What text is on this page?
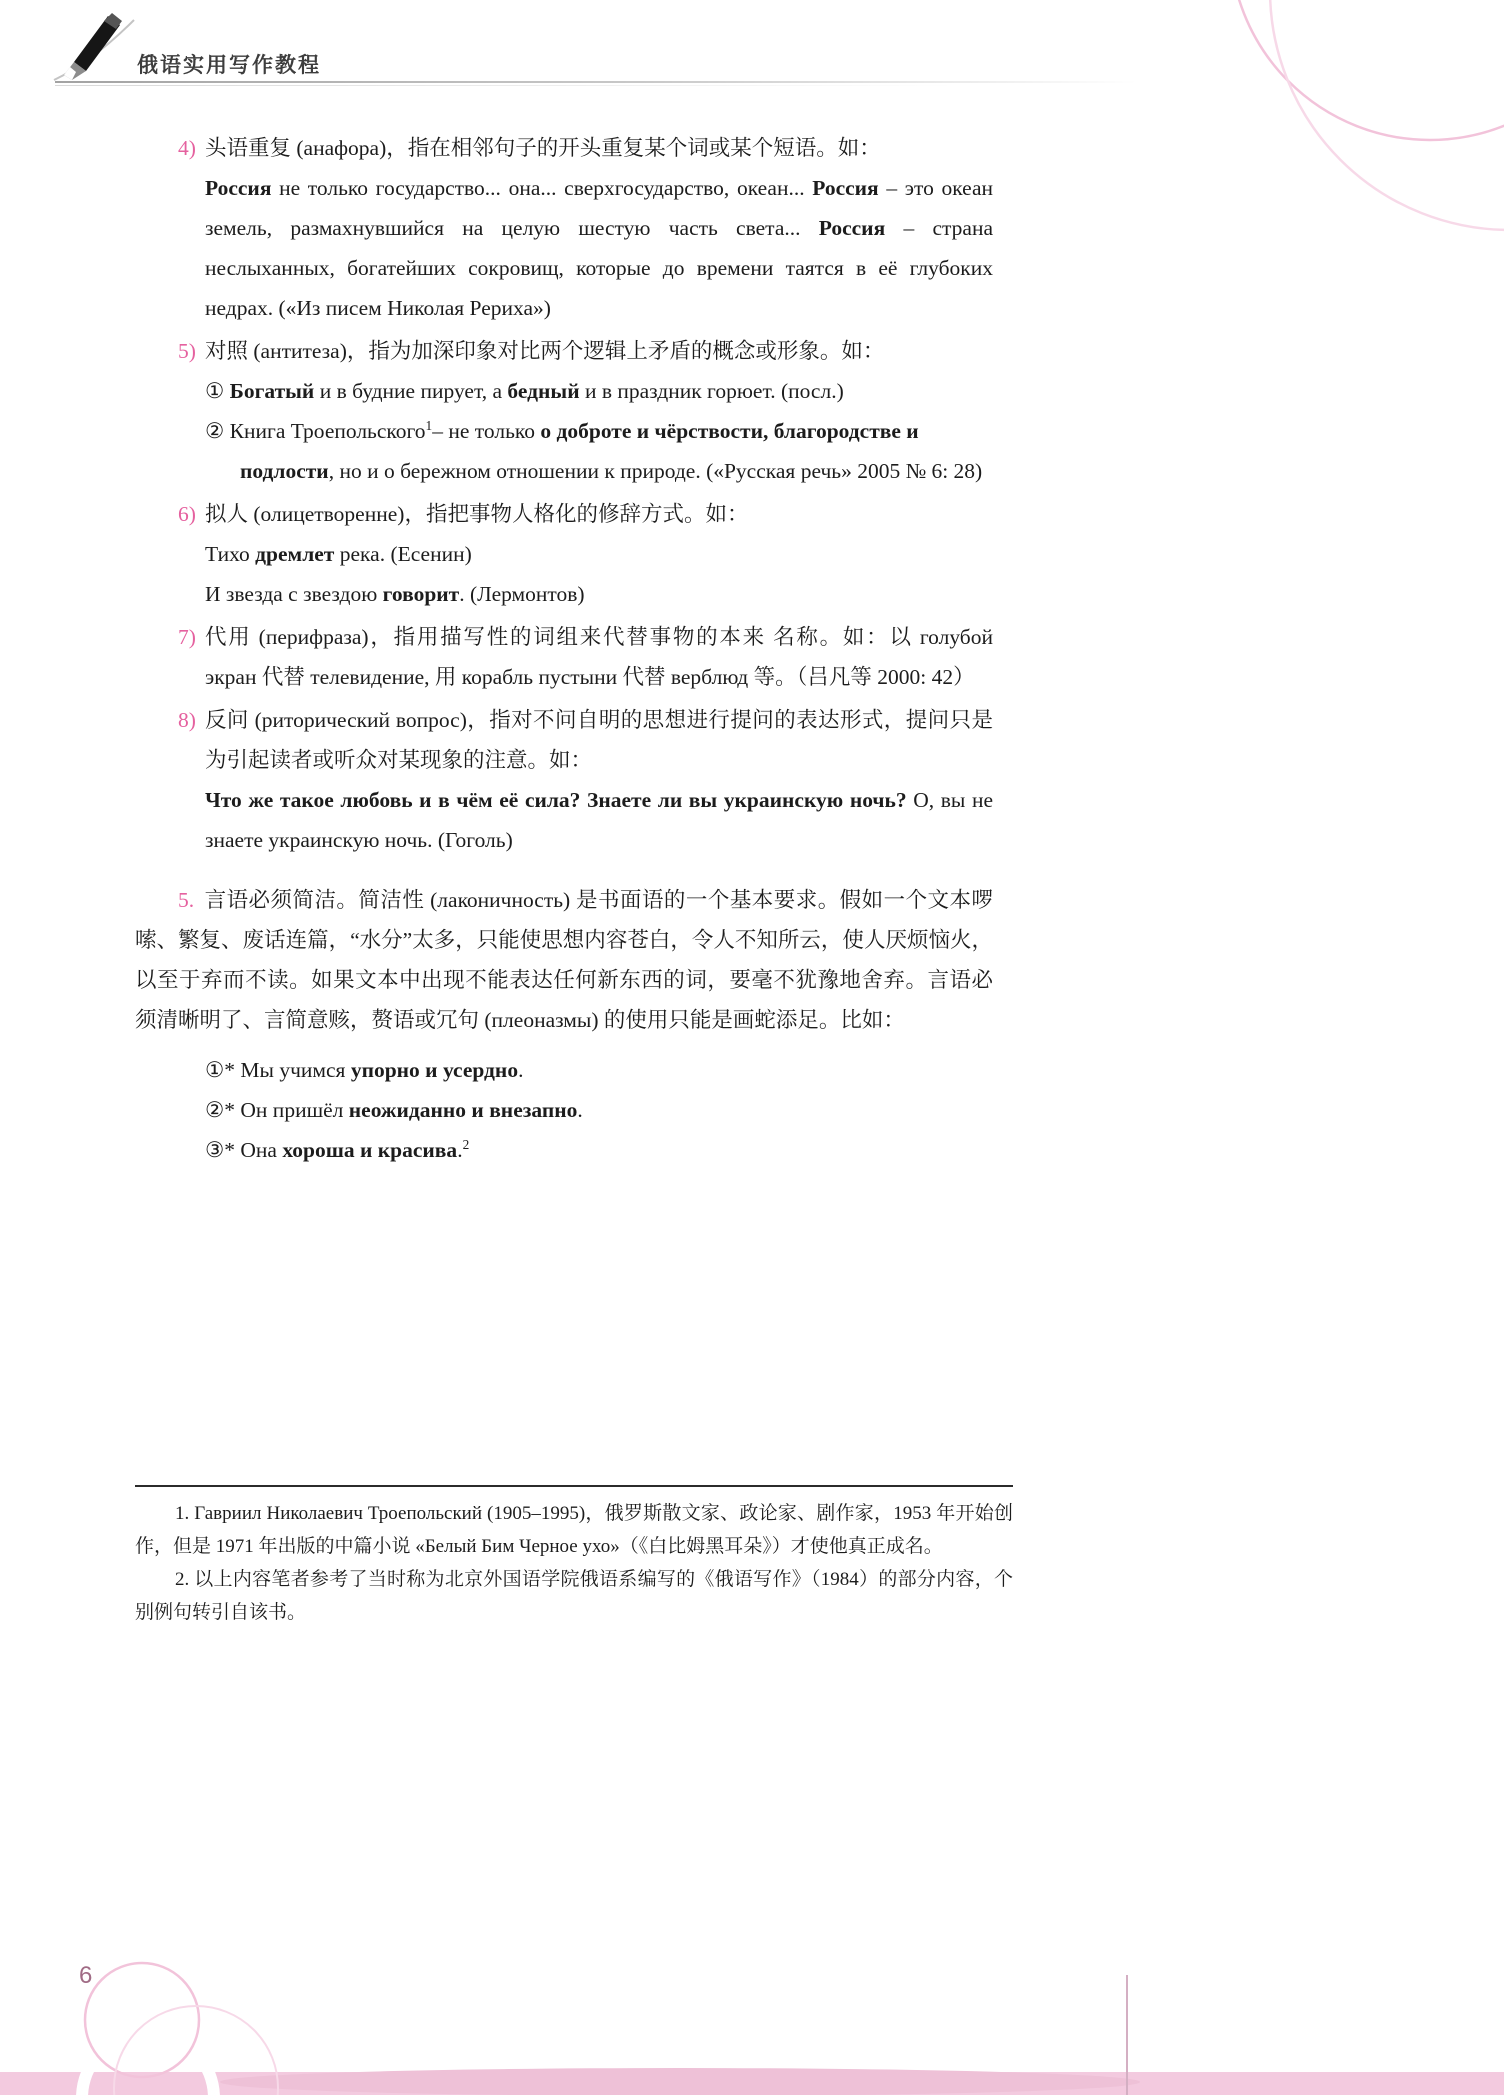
俄语实用写作教程
4) 头语重复 (анафора)，指在相邻句子的开头重复某个词或某个短语。如：

Россия не только государство... она... сверхгосударство, океан... Россия – это океан земель, размахнувшийся на целую шестую часть света... Россия – страна неслыханных, богатейших сокровищ, которые до времени таятся в её глубоких недрах. («Из писем Николая Рериха»)

5) 对照 (антитеза)，指为加深印象对比两个逻辑上矛盾的概念或形象。如：

① Богатый и в будние пирует, а бедный и в праздник горюет. (посл.)

② Книга Троепольского$^1$– не только о доброте и чёрствости, благородстве и подлости, но и о бережном отношении к природе. («Русская речь» 2005 № 6: 28)

6) 拟人 (олицетворенне)，指把事物人格化的修辞方式。如：

Тихо дремлет река. (Есенин)

И звезда с звездою говорит. (Лермонтов)

7) 代用 (перифраза)，指用描写性的词组来代替事物的本来 名称。如：以 голубой экран 代替 телевидение, 用 корабль пустыни 代替 верблюд 等。（吕凡等 2000: 42）

8) 反问 (риторический вопрос)，指对不问自明的思想进行提问的表达形式，提问只是为引起读者或听众对某现象的注意。如：

Что же такое любовь и в чём её сила? Знаете ли вы украинскую ночь? О, вы не знаете украинскую ночь. (Гоголь)

5. 言语必须简洁。简洁性 (лаконичность) 是书面语的一个基本要求。假如一个文本啰嗦、繁复、废话连篇，“水分”太多，只能使思想内容苍白，令人不知所云，使人厌烦恼火，以至于弃而不读。如果文本中出现不能表达任何新东西的词，要毫不犹豫地舍弃。言语必须清晰明了、言简意赅，赘语或冗句 (плеоназмы) 的使用只能是画蛇添足。比如：

①* Мы учимся упорно и усердно.

②* Он пришёл неожиданно и внезапно.

③* Она хороша и красива.$^2$

1. Гавриил Николаевич Троепольский (1905–1995)，俄罗斯散文家、政论家、剧作家，1953 年开始创作，但是 1971 年出版的中篇小说 «Белый Бим Черное ухо»（《白比姆黑耳朵》）才使他真正成名。

2. 以上内容笔者参考了当时称为北京外国语学院俄语系编写的《俄语写作》（1984）的部分内容，个别例句转引自该书。

6
